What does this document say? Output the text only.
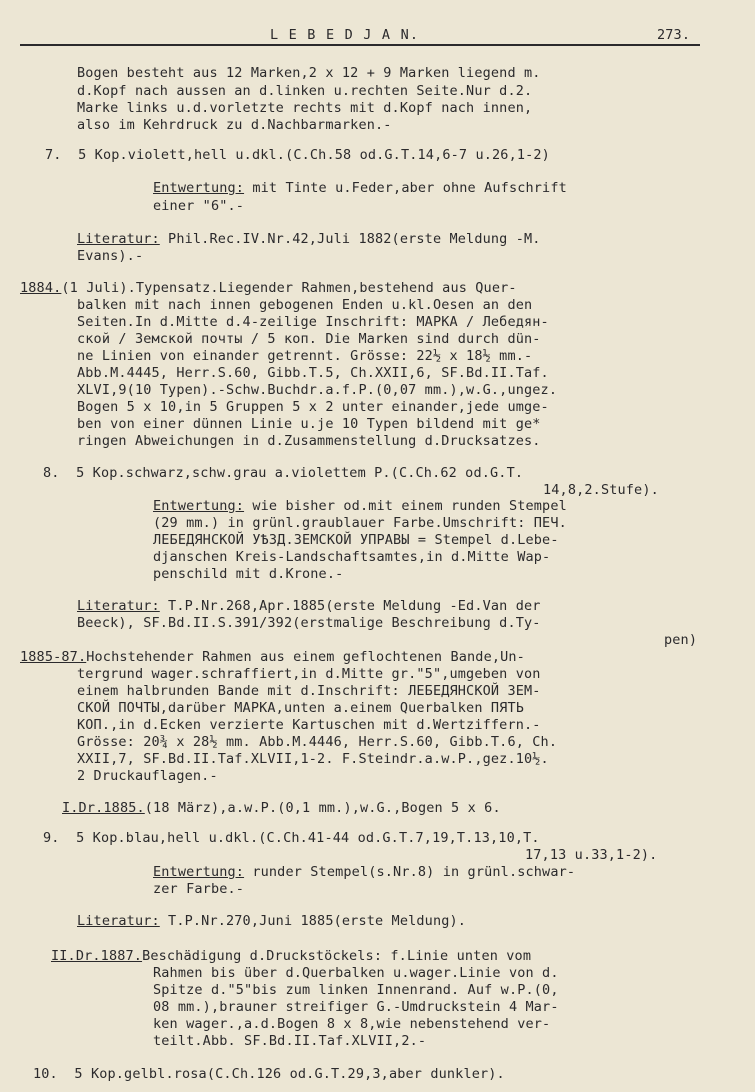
L E B E D J A N.	273.
Bogen besteht aus 12 Marken,2 x 12 + 9 Marken liegend m.
d.Kopf nach aussen an d.linken u.rechten Seite.Nur d.2.
Marke links u.d.vorletzte rechts mit d.Kopf nach innen,
also im Kehrdruck zu d.Nachbarmarken.-
7.  5 Kop.violett,hell u.dkl.(C.Ch.58 od.G.T.14,6-7 u.26,1-2)
Entwertung: mit Tinte u.Feder,aber ohne Aufschrift
einer "6".-
Literatur: Phil.Rec.IV.Nr.42,Juli 1882(erste Meldung -M.
Evans).-
1884.(1 Juli).Typensatz.Liegender Rahmen,bestehend aus Quer-
balken mit nach innen gebogenen Enden u.kl.Oesen an den
Seiten.In d.Mitte d.4-zeilige Inschrift: МАРКА / Лебедян-
ской / Земской почты / 5 коп. Die Marken sind durch dün-
ne Linien von einander getrennt. Grösse: 22½ x 18½ mm.-
Abb.M.4445, Herr.S.60, Gibb.T.5, Ch.XXII,6, SF.Bd.II.Taf.
XLVI,9(10 Typen).-Schw.Buchdr.a.f.P.(0,07 mm.),w.G.,ungez.
Bogen 5 x 10,in 5 Gruppen 5 x 2 unter einander,jede umge-
ben von einer dünnen Linie u.je 10 Typen bildend mit ge*
ringen Abweichungen in d.Zusammenstellung d.Drucksatzes.
8.  5 Kop.schwarz,schw.grau a.violettem P.(C.Ch.62 od.G.T.
14,8,2.Stufe).
Entwertung: wie bisher od.mit einem runden Stempel
(29 mm.) in grünl.graublauer Farbe.Umschrift: ПЕЧ.
ЛЕБЕДЯНСКОЙ УѢЗД.ЗЕМСКОЙ УПРАВЫ = Stempel d.Lebe-
djanschen Kreis-Landschaftsamtes,in d.Mitte Wap-
penschild mit d.Krone.-
Literatur: T.P.Nr.268,Apr.1885(erste Meldung -Ed.Van der
Beeck), SF.Bd.II.S.391/392(erstmalige Beschreibung d.Ty-
pen)
1885-87.Hochstehender Rahmen aus einem geflochtenen Bande,Un-
tergrund wager.schraffiert,in d.Mitte gr."5",umgeben von
einem halbrunden Bande mit d.Inschrift: ЛЕБЕДЯНСКОЙ ЗЕМ-
СКОЙ ПОЧТЫ,darüber МАРКА,unten a.einem Querbalken ПЯТЬ
КОП.,in d.Ecken verzierte Kartuschen mit d.Wertziffern.-
Grösse: 20¾ x 28½ mm. Abb.M.4446, Herr.S.60, Gibb.T.6, Ch.
XXII,7, SF.Bd.II.Taf.XLVII,1-2. F.Steindr.a.w.P.,gez.10½.
2 Druckauflagen.-
I.Dr.1885.(18 März),a.w.P.(0,1 mm.),w.G.,Bogen 5 x 6.
9.  5 Kop.blau,hell u.dkl.(C.Ch.41-44 od.G.T.7,19,T.13,10,T.
17,13 u.33,1-2).
Entwertung: runder Stempel(s.Nr.8) in grünl.schwar-
zer Farbe.-
Literatur: T.P.Nr.270,Juni 1885(erste Meldung).
II.Dr.1887.Beschädigung d.Druckstöckels: f.Linie unten vom
Rahmen bis über d.Querbalken u.wager.Linie von d.
Spitze d."5"bis zum linken Innenrand. Auf w.P.(0,
08 mm.),brauner streifiger G.-Umdruckstein 4 Mar-
ken wager.,a.d.Bogen 8 x 8,wie nebenstehend ver-
teilt.Abb. SF.Bd.II.Taf.XLVII,2.-
10.  5 Kop.gelbl.rosa(C.Ch.126 od.G.T.29,3,aber dunkler).
